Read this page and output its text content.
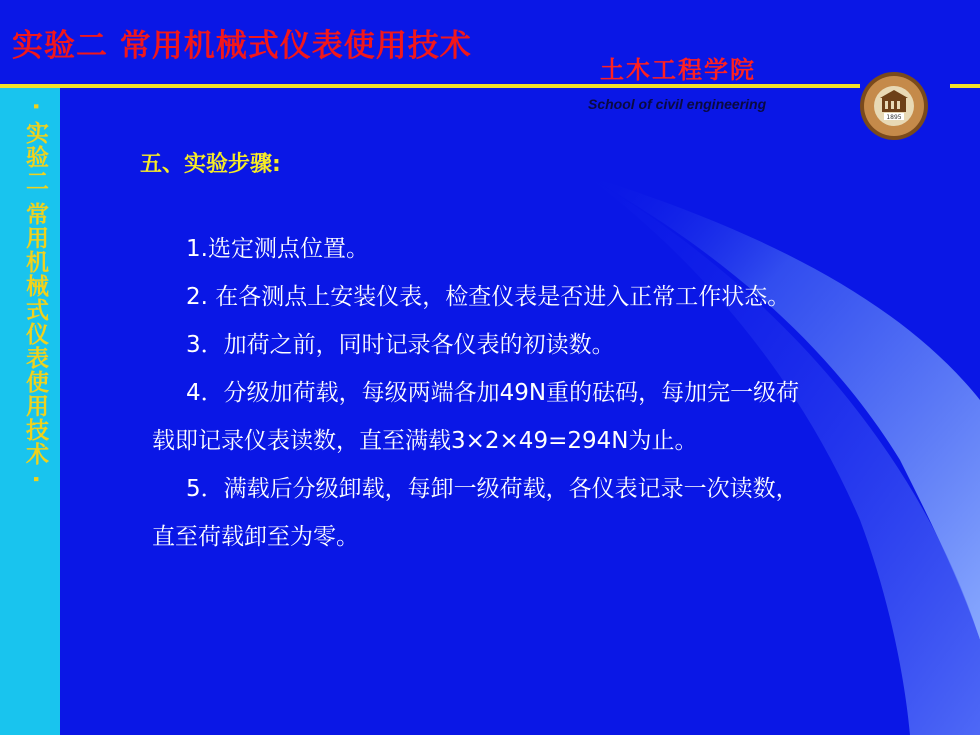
实验二 常用机械式仪表使用技术
土木工程学院
School of civil engineering
1895
· 实验二 常用机械式仪表使用技术 ·	五、实验步骤:

1.选定测点位置。

2. 在各测点上安装仪表，检查仪表是否进入正常工作状态。

3．加荷之前，同时记录各仪表的初读数。

4．分级加荷载，每级两端各加49N重的砝码，每加完一级荷

载即记录仪表读数，直至满载3×2×49=294N为止。

5．满载后分级卸载，每卸一级荷载，各仪表记录一次读数，

直至荷载卸至为零。
